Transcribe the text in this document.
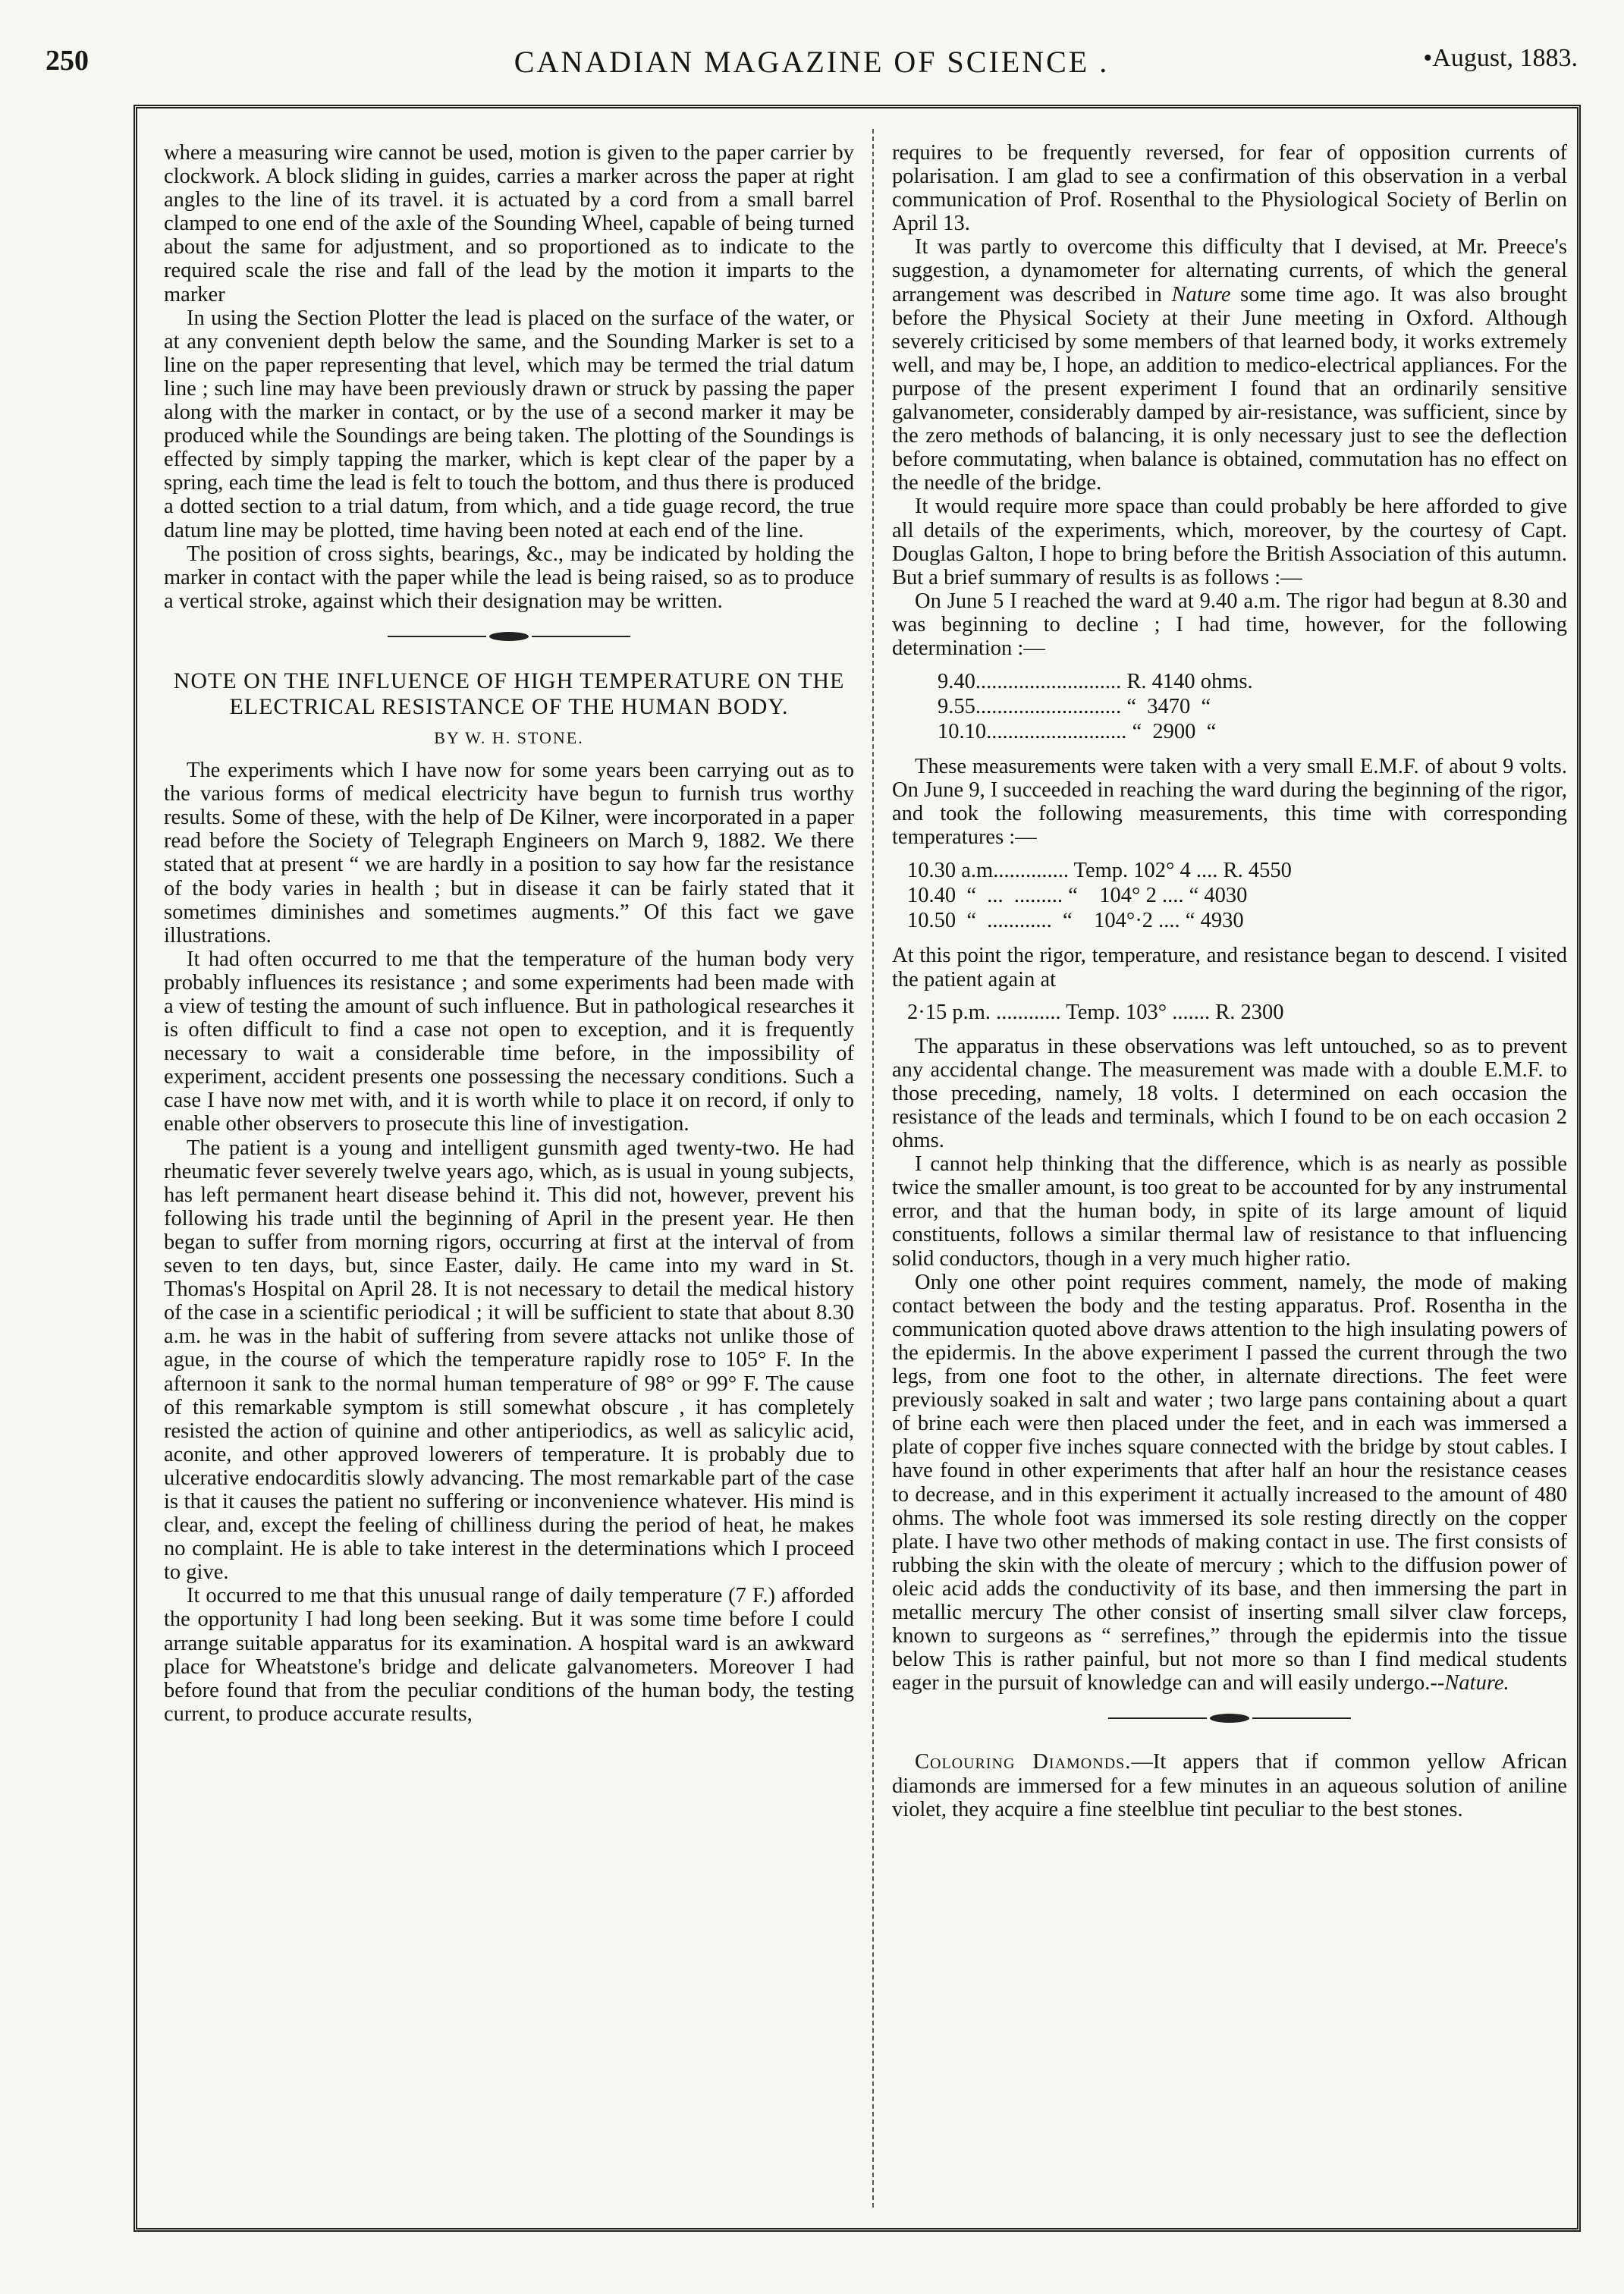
250	CANADIAN MAGAZINE OF SCIENCE .	•August, 1883.

where a measuring wire cannot be used, motion is given to the paper carrier by clockwork. A block sliding in guides, carries a marker across the paper at right angles to the line of its travel. it is actuated by a cord from a small barrel clamped to one end of the axle of the Sounding Wheel, capable of being turned about the same for adjustment, and so proportioned as to indicate to the required scale the rise and fall of the lead by the motion it imparts to the marker

In using the Section Plotter the lead is placed on the surface of the water, or at any convenient depth below the same, and the Sounding Marker is set to a line on the paper representing that level, which may be termed the trial datum line ; such line may have been previously drawn or struck by passing the paper along with the marker in contact, or by the use of a second marker it may be produced while the Soundings are being taken. The plotting of the Soundings is effected by simply tapping the marker, which is kept clear of the paper by a spring, each time the lead is felt to touch the bottom, and thus there is produced a dotted section to a trial datum, from which, and a tide guage record, the true datum line may be plotted, time having been noted at each end of the line.

The position of cross sights, bearings, &c., may be indicated by holding the marker in contact with the paper while the lead is being raised, so as to produce a vertical stroke, against which their designation may be written.

NOTE ON THE INFLUENCE OF HIGH TEMPERATURE ON THE ELECTRICAL RESISTANCE OF THE HUMAN BODY.
BY W. H. STONE.

The experiments which I have now for some years been carrying out as to the various forms of medical electricity have begun to furnish trus worthy results. Some of these, with the help of De Kilner, were incorporated in a paper read before the Society of Telegraph Engineers on March 9, 1882. We there stated that at present “ we are hardly in a position to say how far the resistance of the body varies in health ; but in disease it can be fairly stated that it sometimes diminishes and sometimes augments.” Of this fact we gave illustrations.

It had often occurred to me that the temperature of the human body very probably influences its resistance ; and some experiments had been made with a view of testing the amount of such influence. But in pathological researches it is often difficult to find a case not open to exception, and it is frequently necessary to wait a considerable time before, in the impossibility of experiment, accident presents one possessing the necessary conditions. Such a case I have now met with, and it is worth while to place it on record, if only to enable other observers to prosecute this line of investigation.

The patient is a young and intelligent gunsmith aged twenty-two. He had rheumatic fever severely twelve years ago, which, as is usual in young subjects, has left permanent heart disease behind it. This did not, however, prevent his following his trade until the beginning of April in the present year. He then began to suffer from morning rigors, occurring at first at the interval of from seven to ten days, but, since Easter, daily. He came into my ward in St. Thomas's Hospital on April 28. It is not necessary to detail the medical history of the case in a scientific periodical ; it will be sufficient to state that about 8.30 a.m. he was in the habit of suffering from severe attacks not unlike those of ague, in the course of which the temperature rapidly rose to 105° F. In the afternoon it sank to the normal human temperature of 98° or 99° F. The cause of this remarkable symptom is still somewhat obscure , it has completely resisted the action of quinine and other antiperiodics, as well as salicylic acid, aconite, and other approved lowerers of temperature. It is probably due to ulcerative endocarditis slowly advancing. The most remarkable part of the case is that it causes the patient no suffering or inconvenience whatever. His mind is clear, and, except the feeling of chilliness during the period of heat, he makes no complaint. He is able to take interest in the determinations which I proceed to give.

It occurred to me that this unusual range of daily temperature (7 F.) afforded the opportunity I had long been seeking. But it was some time before I could arrange suitable apparatus for its examination. A hospital ward is an awkward place for Wheatstone's bridge and delicate galvanometers. Moreover I had before found that from the peculiar conditions of the human body, the testing current, to produce accurate results,

requires to be frequently reversed, for fear of opposition currents of polarisation. I am glad to see a confirmation of this observation in a verbal communication of Prof. Rosenthal to the Physiological Society of Berlin on April 13.

It was partly to overcome this difficulty that I devised, at Mr. Preece's suggestion, a dynamometer for alternating currents, of which the general arrangement was described in Nature some time ago. It was also brought before the Physical Society at their June meeting in Oxford. Although severely criticised by some members of that learned body, it works extremely well, and may be, I hope, an addition to medico-electrical appliances. For the purpose of the present experiment I found that an ordinarily sensitive galvanometer, considerably damped by air-resistance, was sufficient, since by the zero methods of balancing, it is only necessary just to see the deflection before commutating, when balance is obtained, commutation has no effect on the needle of the bridge.

It would require more space than could probably be here afforded to give all details of the experiments, which, moreover, by the courtesy of Capt. Douglas Galton, I hope to bring before the British Association of this autumn. But a brief summary of results is as follows :—

On June 5 I reached the ward at 9.40 a.m. The rigor had begun at 8.30 and was beginning to decline ; I had time, however, for the following determination :—

9.40........................... R. 4140 ohms.
9.55........................... “  3470  “
10.10.......................... “  2900  “

These measurements were taken with a very small E.M.F. of about 9 volts. On June 9, I succeeded in reaching the ward during the beginning of the rigor, and took the following measurements, this time with corresponding temperatures :—

10.30 a.m.............. Temp. 102° 4 .... R. 4550
10.40  “  ...  ......... “    104° 2 .... “ 4030
10.50  “  ............  “    104°·2 .... “ 4930

At this point the rigor, temperature, and resistance began to descend. I visited the patient again at

2·15 p.m. ............ Temp. 103° ....... R. 2300

The apparatus in these observations was left untouched, so as to prevent any accidental change. The measurement was made with a double E.M.F. to those preceding, namely, 18 volts. I determined on each occasion the resistance of the leads and terminals, which I found to be on each occasion 2 ohms.

I cannot help thinking that the difference, which is as nearly as possible twice the smaller amount, is too great to be accounted for by any instrumental error, and that the human body, in spite of its large amount of liquid constituents, follows a similar thermal law of resistance to that influencing solid conductors, though in a very much higher ratio.

Only one other point requires comment, namely, the mode of making contact between the body and the testing apparatus. Prof. Rosentha in the communication quoted above draws attention to the high insulating powers of the epidermis. In the above experiment I passed the current through the two legs, from one foot to the other, in alternate directions. The feet were previously soaked in salt and water ; two large pans containing about a quart of brine each were then placed under the feet, and in each was immersed a plate of copper five inches square connected with the bridge by stout cables. I have found in other experiments that after half an hour the resistance ceases to decrease, and in this experiment it actually increased to the amount of 480 ohms. The whole foot was immersed its sole resting directly on the copper plate. I have two other methods of making contact in use. The first consists of rubbing the skin with the oleate of mercury ; which to the diffusion power of oleic acid adds the conductivity of its base, and then immersing the part in metallic mercury The other consist of inserting small silver claw forceps, known to surgeons as “ serrefines,” through the epidermis into the tissue below This is rather painful, but not more so than I find medical students eager in the pursuit of knowledge can and will easily undergo.--Nature.

Colouring Diamonds.—It appers that if common yellow African diamonds are immersed for a few minutes in an aqueous solution of aniline violet, they acquire a fine steelblue tint peculiar to the best stones.
